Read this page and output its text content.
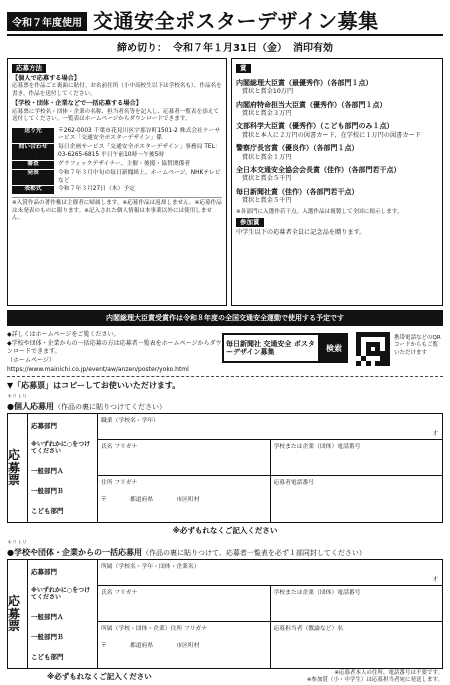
令和７年度使用 交通安全ポスターデザイン募集
締め切り： 令和７年１月31日（金） 消印有効
応募方法
【個人で応募する場合】
応募票を作品ごと裏面に貼付、お名前住所（小中高校生以下は学校名も）、作品名を書き、作品を送付してください。
【学校・団体・企業などで一括応募する場合】
応募票に学校名・団体・企業の名称、担当者名等を記入し、応募者一覧表を添えて送付してください。一覧表はホームページからダウンロードできます。
送り先	〒262-0003 千葉市花見川区宇那谷町1501-2 株式会社ケーサービス「交通安全ポスターデザイン」係
問い合わせ	毎日企画サービス「交通安全ポスターデザイン」事務局 TEL：03-6265-6815 平日午前10時～午後5時
審査	グラフィックデザイナー、主催・後援・協賛関係者
発表	令和７年３月中旬の毎日新聞紙上、ホームページ、NHKテレビなど
表彰式	令和７年３月27日（木）予定
※入賞作品の著作権は主催者に帰属します。※応募作品は返却しません。※応募作品は未発表のものに限ります。※記入された個人情報は本事業以外には使用しません。
賞
内閣総理大臣賞（最優秀作）（各部門１点）
賞状と賞金10万円
内閣府特命担当大臣賞（優秀作）（各部門１点）
賞状と賞金３万円
文部科学大臣賞（優秀作）（こども部門のみ１点）
賞状と本人に２万円の図書カード、在学校に１万円の図書カード
警察庁長官賞（優良作）（各部門１点）
賞状と賞金１万円
全日本交通安全協会会長賞（佳作）（各部門若干点）
賞状と賞金５千円
毎日新聞社賞（佳作）（各部門若干点）
賞状と賞金５千円
※各部門に入選作若干点。入選作品は複製して全国に掲示します。
参加賞
中学生以下の応募者全員に記念品を贈ります。
内閣総理大臣賞受賞作は令和８年度の全国交通安全運動で使用する予定です
◆詳しくはホームページをご覧ください。
◆学校や団体・企業からの一括応募の方は応募者一覧表をホームページからダウンロードできます。
（ホームページ）https://www.mainichi.co.jp/event/aw/anzen/poster/yoko.html
毎日新聞社 交通安全 ポスターデザイン募集	検索
携帯電話などのQRコードからもご覧いただけます
▼「応募票」はコピーしてお使いいただけます。
キリトリ
●個人応募用（作品の裏に貼りつけてください）
応募票
応募部門
※いずれかに○をつけてください
一般部門Ａ
一般部門Ｂ
こども部門
職業（学校名・学年）
才
氏名 フリガナ	学校または企業（団体）電話番号
住所 フリガナ
〒　　　　都道府県　　　　市区町村
応募者電話番号
※必ずもれなくご記入ください
キリトリ
●学校や団体・企業からの一括応募用（作品の裏に貼りつけて、応募者一覧表を必ず１部同封してください）
応募票
応募部門
※いずれかに○をつけてください
一般部門Ａ
一般部門Ｂ
こども部門
所属（学校名・学年・団体・企業名）
才
氏名 フリガナ	学校または企業（団体）電話番号
所属（学校・団体・企業）住所 フリガナ
〒　　　　都道府県　　　　市区町村
応募担当者（教諭など）名
※応募者本人の住所、電話番号は不要です。
※参加賞（小・中学生）は応募担当者宛に発送します。
※必ずもれなくご記入ください
